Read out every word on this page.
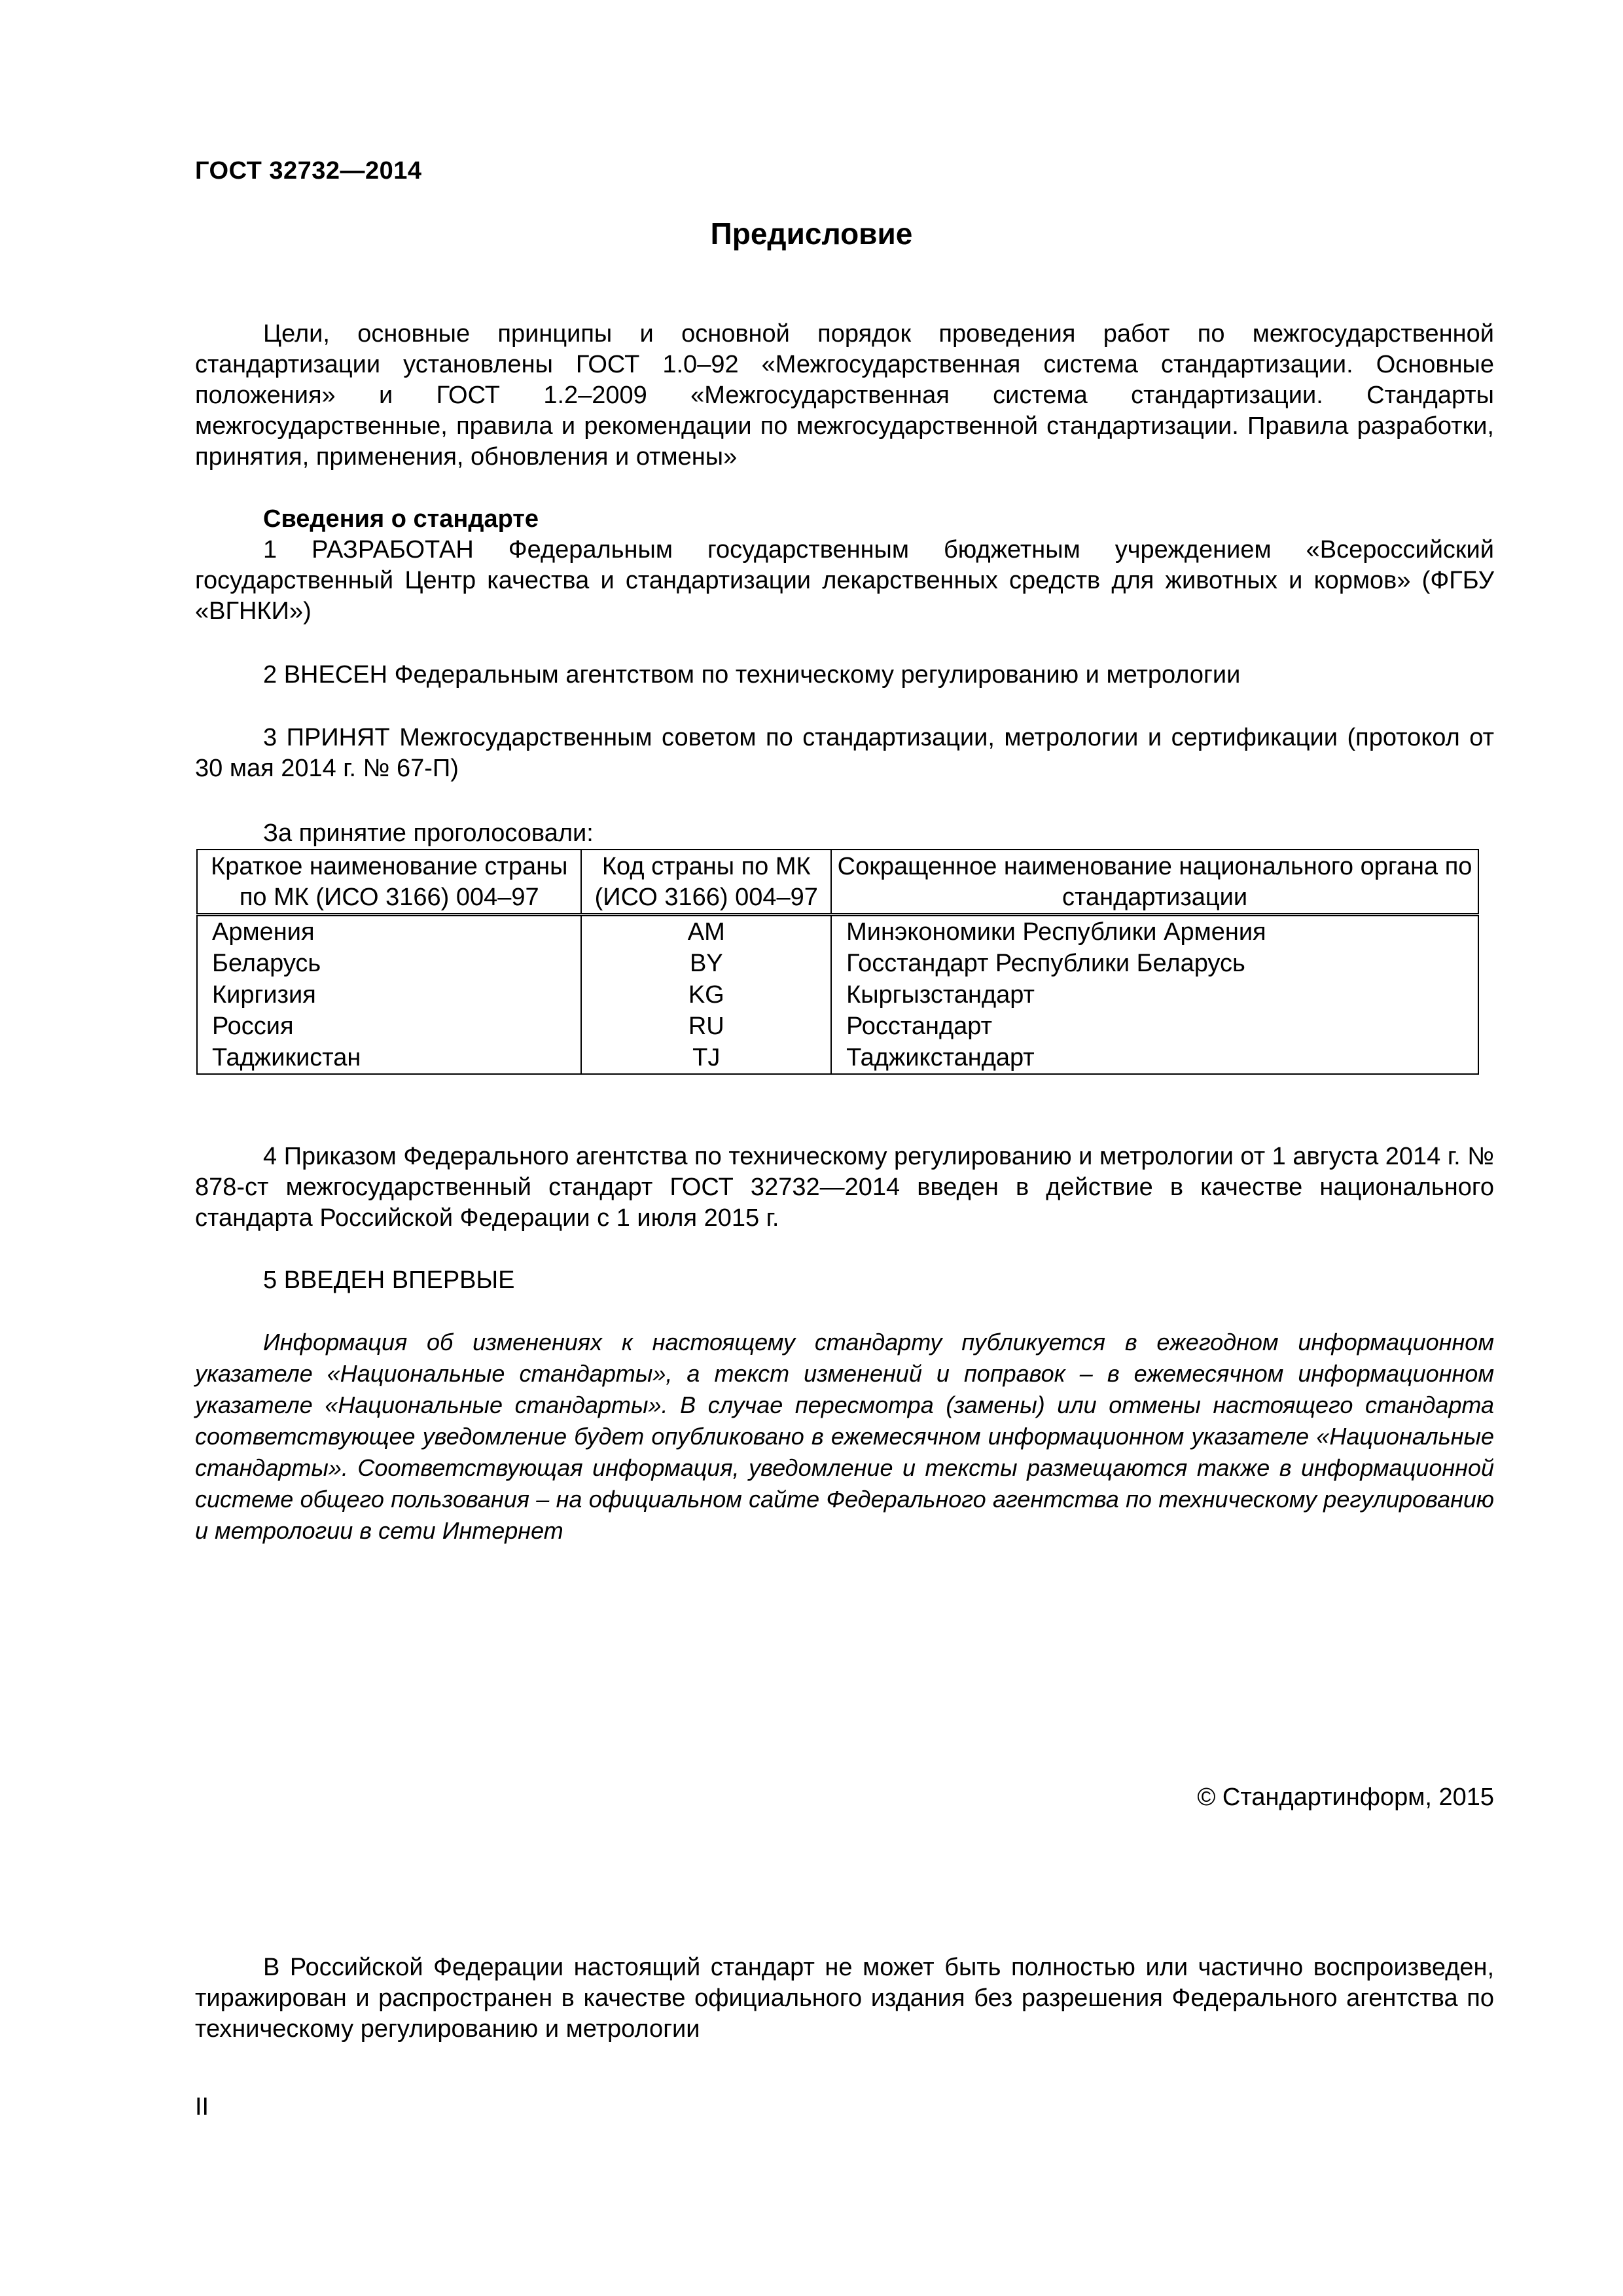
ГОСТ 32732—2014
Предисловие
Цели, основные принципы и основной порядок проведения работ по межгосударственной стандартизации установлены ГОСТ 1.0–92 «Межгосударственная система стандартизации. Основные положения» и ГОСТ 1.2–2009 «Межгосударственная система стандартизации. Стандарты межгосударственные, правила и рекомендации по межгосударственной стандартизации. Правила разработки, принятия, применения, обновления и отмены»
Сведения о стандарте
1 РАЗРАБОТАН Федеральным государственным бюджетным учреждением «Всероссийский государственный Центр качества и стандартизации лекарственных средств для животных и кормов» (ФГБУ «ВГНКИ»)
2 ВНЕСЕН Федеральным агентством по техническому регулированию и метрологии
3 ПРИНЯТ Межгосударственным советом по стандартизации, метрологии и сертификации (протокол от 30 мая 2014 г. № 67-П)
За принятие проголосовали:
Краткое наименование страны по МК (ИСО 3166) 004–97	Код страны по МК (ИСО 3166) 004–97	Сокращенное наименование национального органа по стандартизации
Армения	AM	Минэкономики Республики Армения
Беларусь	BY	Госстандарт Республики Беларусь
Киргизия	KG	Кыргызстандарт
Россия	RU	Росстандарт
Таджикистан	TJ	Таджикстандарт
4 Приказом Федерального агентства по техническому регулированию и метрологии от 1 августа 2014 г. № 878-ст межгосударственный стандарт ГОСТ 32732—2014 введен в действие в качестве национального стандарта Российской Федерации с 1 июля 2015 г.
5 ВВЕДЕН ВПЕРВЫЕ
Информация об изменениях к настоящему стандарту публикуется в ежегодном информационном указателе «Национальные стандарты», а текст изменений и поправок – в ежемесячном информационном указателе «Национальные стандарты». В случае пересмотра (замены) или отмены настоящего стандарта соответствующее уведомление будет опубликовано в ежемесячном информационном указателе «Национальные стандарты». Соответствующая информация, уведомление и тексты размещаются также в информационной системе общего пользования – на официальном сайте Федерального агентства по техническому регулированию и метрологии в сети Интернет
© Стандартинформ, 2015
В Российской Федерации настоящий стандарт не может быть полностью или частично воспроизведен, тиражирован и распространен в качестве официального издания без разрешения Федерального агентства по техническому регулированию и метрологии
II
